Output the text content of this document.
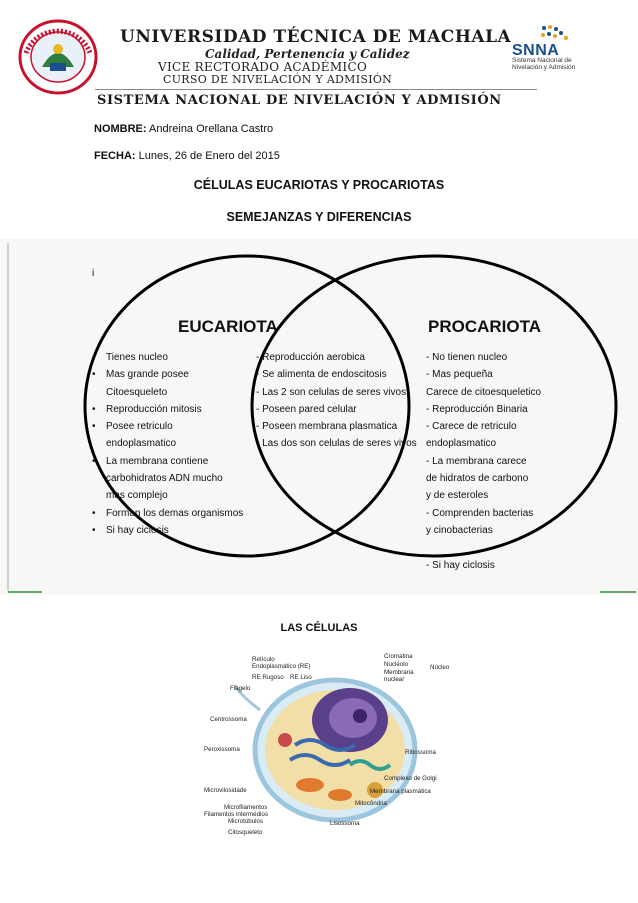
UNIVERSIDAD TÉCNICA DE MACHALA
Calidad, Pertenencia y Calidez
VICE RECTORADO ACADÉMICO
CURSO DE NIVELACIÓN Y ADMISIÓN
SISTEMA NACIONAL DE NIVELACIÓN Y ADMISIÓN
SNNA
Sistema Nacional de
Nivelación y Admisión
NOMBRE: Andreina Orellana Castro
FECHA: Lunes, 26 de Enero del 2015
CÉLULAS EUCARIOTAS Y PROCARIOTAS
SEMEJANZAS Y DIFERENCIAS
i
EUCARIOTA	PROCARIOTA
• Tienes nucleo
• Mas grande posee
Citoesqueleto
• Reproducción mitosis
• Posee retriculo
endoplasmatico
• La membrana contiene
carbohidratos ADN mucho
mas complejo
• Forman los demas organismos
• Si hay ciclosis
- Reproducción aerobica
- Se alimenta de endoscitosis
- Las 2 son celulas de seres vivos
- Poseen pared celular
- Poseen membrana plasmatica
- Las dos son celulas de seres vivos
- No tienen nucleo
- Mas pequeña
Carece de citoesqueletico
- Reproducción Binaria
- Carece de retriculo
endoplasmatico
- La membrana carece
de hidratos de carbono
y de esteroles
- Comprenden bacterias
y cinobacterias
- Si hay ciclosis
LAS CÉLULAS
Retículo
Endoplasmático (RE)
RE Rugoso RE Liso
Flagelo
Centrossoma
Peroxissoma
Microvilosidade
Microfilamentos
Filamentos intermédios
Microtúbulos
Citosqueleto
Cromatina
Nucléolo
Membrana
nuclear
Núcleo
Ribossoma
Complexo de Golgi
Membrana plasmática
Mitocôndria
Lisossoma
